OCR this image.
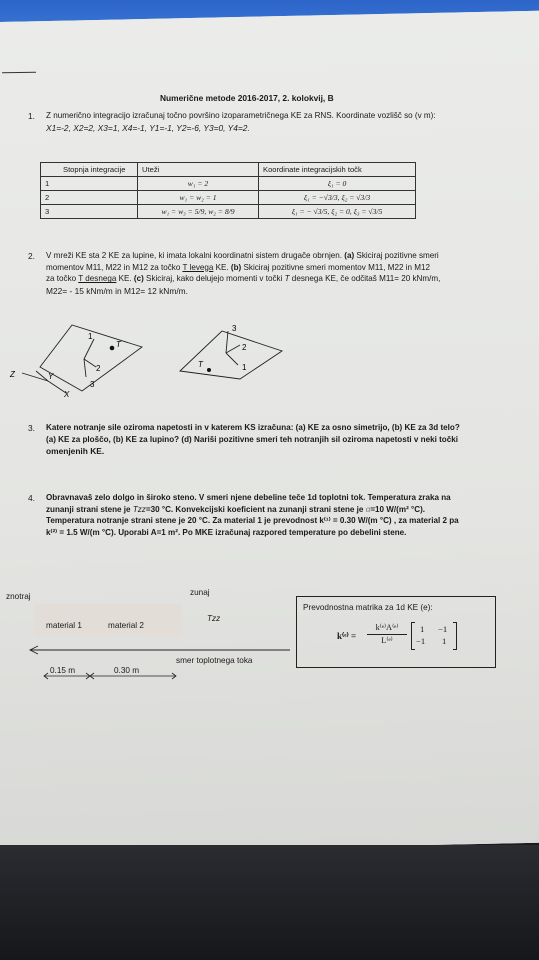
Numerične metode 2016-2017, 2. kolokvij, B
1. Z numerično integracijo izračunaj točno površino izoparametričnega KE za RNS. Koordinate vozlišč so (v m):
X1=-2, X2=2, X3=1, X4=-1, Y1=-1, Y2=-6, Y3=0, Y4=2.
Stopnja integracije	Uteži	Koordinate integracijskih točk
1	w₁ = 2	ξ₁ = 0
2	w₁ = w₂ = 1	ξ₁ = −√3/3, ξ₂ = √3/3
3	w₁ = w₃ = 5/9, w₂ = 8/9	ξ₁ = − √3/5, ξ₂ = 0, ξ₃ = √3/5
2. V mreži KE sta 2 KE za lupine, ki imata lokalni koordinatni sistem drugače obrnjen. (a) Skiciraj pozitivne smeri
momentov M11, M22 in M12 za točko T levega KE. (b) Skiciraj pozitivne smeri momentov M11, M22 in M12
za točko T desnega KE. (c) Skiciraj, kako delujejo momenti v točki T desnega KE, če odčitaš M11= 20 kNm/m,
M22= - 15 kNm/m in M12= 12 kNm/m.
1
T
2
3
Z	Y
X
3
2
T	1
3. Katere notranje sile oziroma napetosti in v katerem KS izračuna: (a) KE za osno simetrijo, (b) KE za 3d telo?
(a) KE za ploščo, (b) KE za lupino? (d) Nariši pozitivne smeri teh notranjih sil oziroma napetosti v neki točki
omenjenih KE.
4. Obravnavaš zelo dolgo in široko steno. V smeri njene debeline teče 1d toplotni tok. Temperatura zraka na
zunanji strani stene je Tzz=30 °C. Konvekcijski koeficient na zunanji strani stene je α=10 W/(m² °C).
Temperatura notranje strani stene je 20 °C. Za material 1 je prevodnost k⁽¹⁾ = 0.30 W/(m °C) , za material 2 pa
k⁽²⁾ = 1.5 W/(m °C). Uporabi A=1 m². Po MKE izračunaj razpored temperature po debelini stene.
znotraj	zunaj
Tzz
material 1	material 2
smer toplotnega toka
0.15 m	0.30 m
Prevodnostna matrika za 1d KE (e):
k⁽ᵉ⁾ = $\frac{\text{k⁽ᵉ⁾A⁽ᵉ⁾}}{\text{L⁽ᵉ⁾}} 1 -1$
−1 1
